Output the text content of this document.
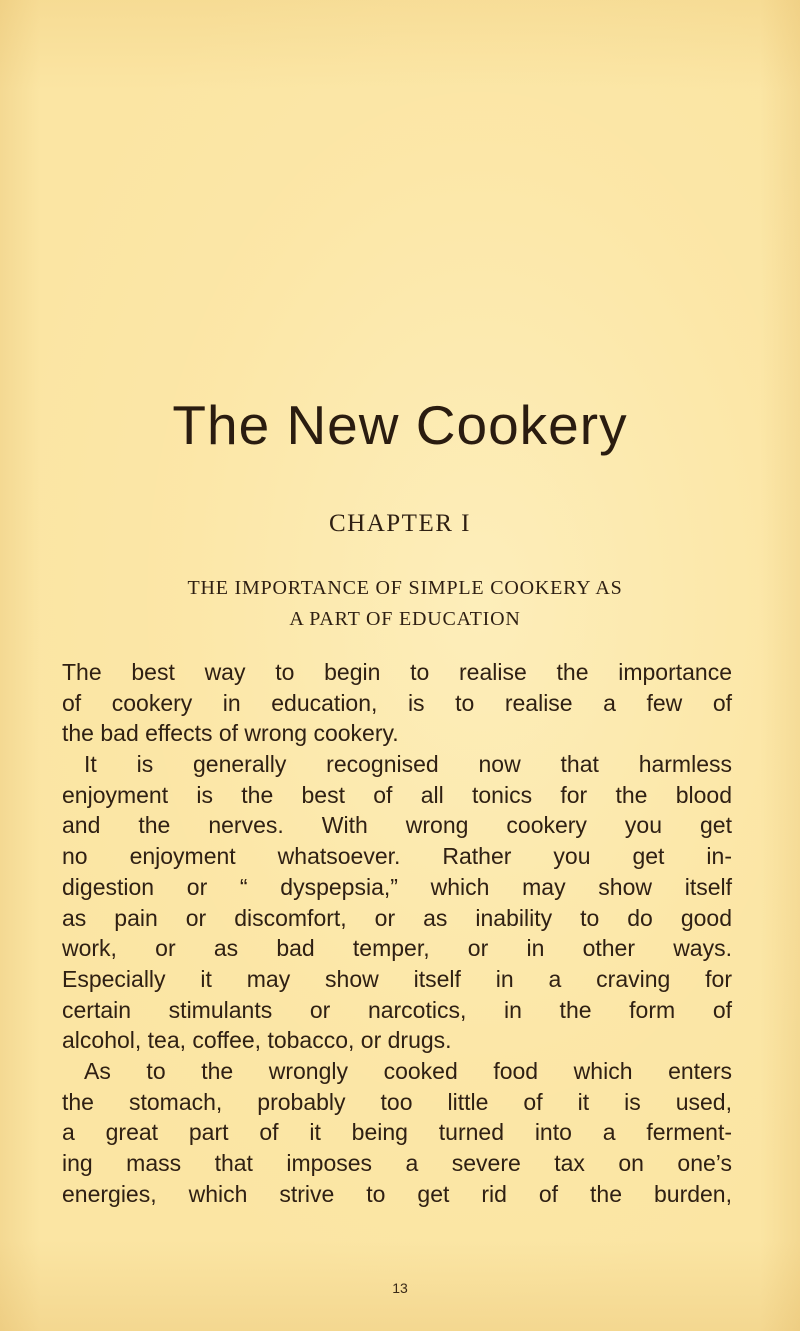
The New Cookery
CHAPTER I
THE IMPORTANCE OF SIMPLE COOKERY AS
A PART OF EDUCATION
The best way to begin to realise the importance
of cookery in education, is to realise a few of
the bad effects of wrong cookery.
It is generally recognised now that harmless
enjoyment is the best of all tonics for the blood
and the nerves. With wrong cookery you get
no enjoyment whatsoever. Rather you get in-
digestion or “ dyspepsia,” which may show itself
as pain or discomfort, or as inability to do good
work, or as bad temper, or in other ways.
Especially it may show itself in a craving for
certain stimulants or narcotics, in the form of
alcohol, tea, coffee, tobacco, or drugs.
As to the wrongly cooked food which enters
the stomach, probably too little of it is used,
a great part of it being turned into a ferment-
ing mass that imposes a severe tax on one’s
energies, which strive to get rid of the burden,
13
